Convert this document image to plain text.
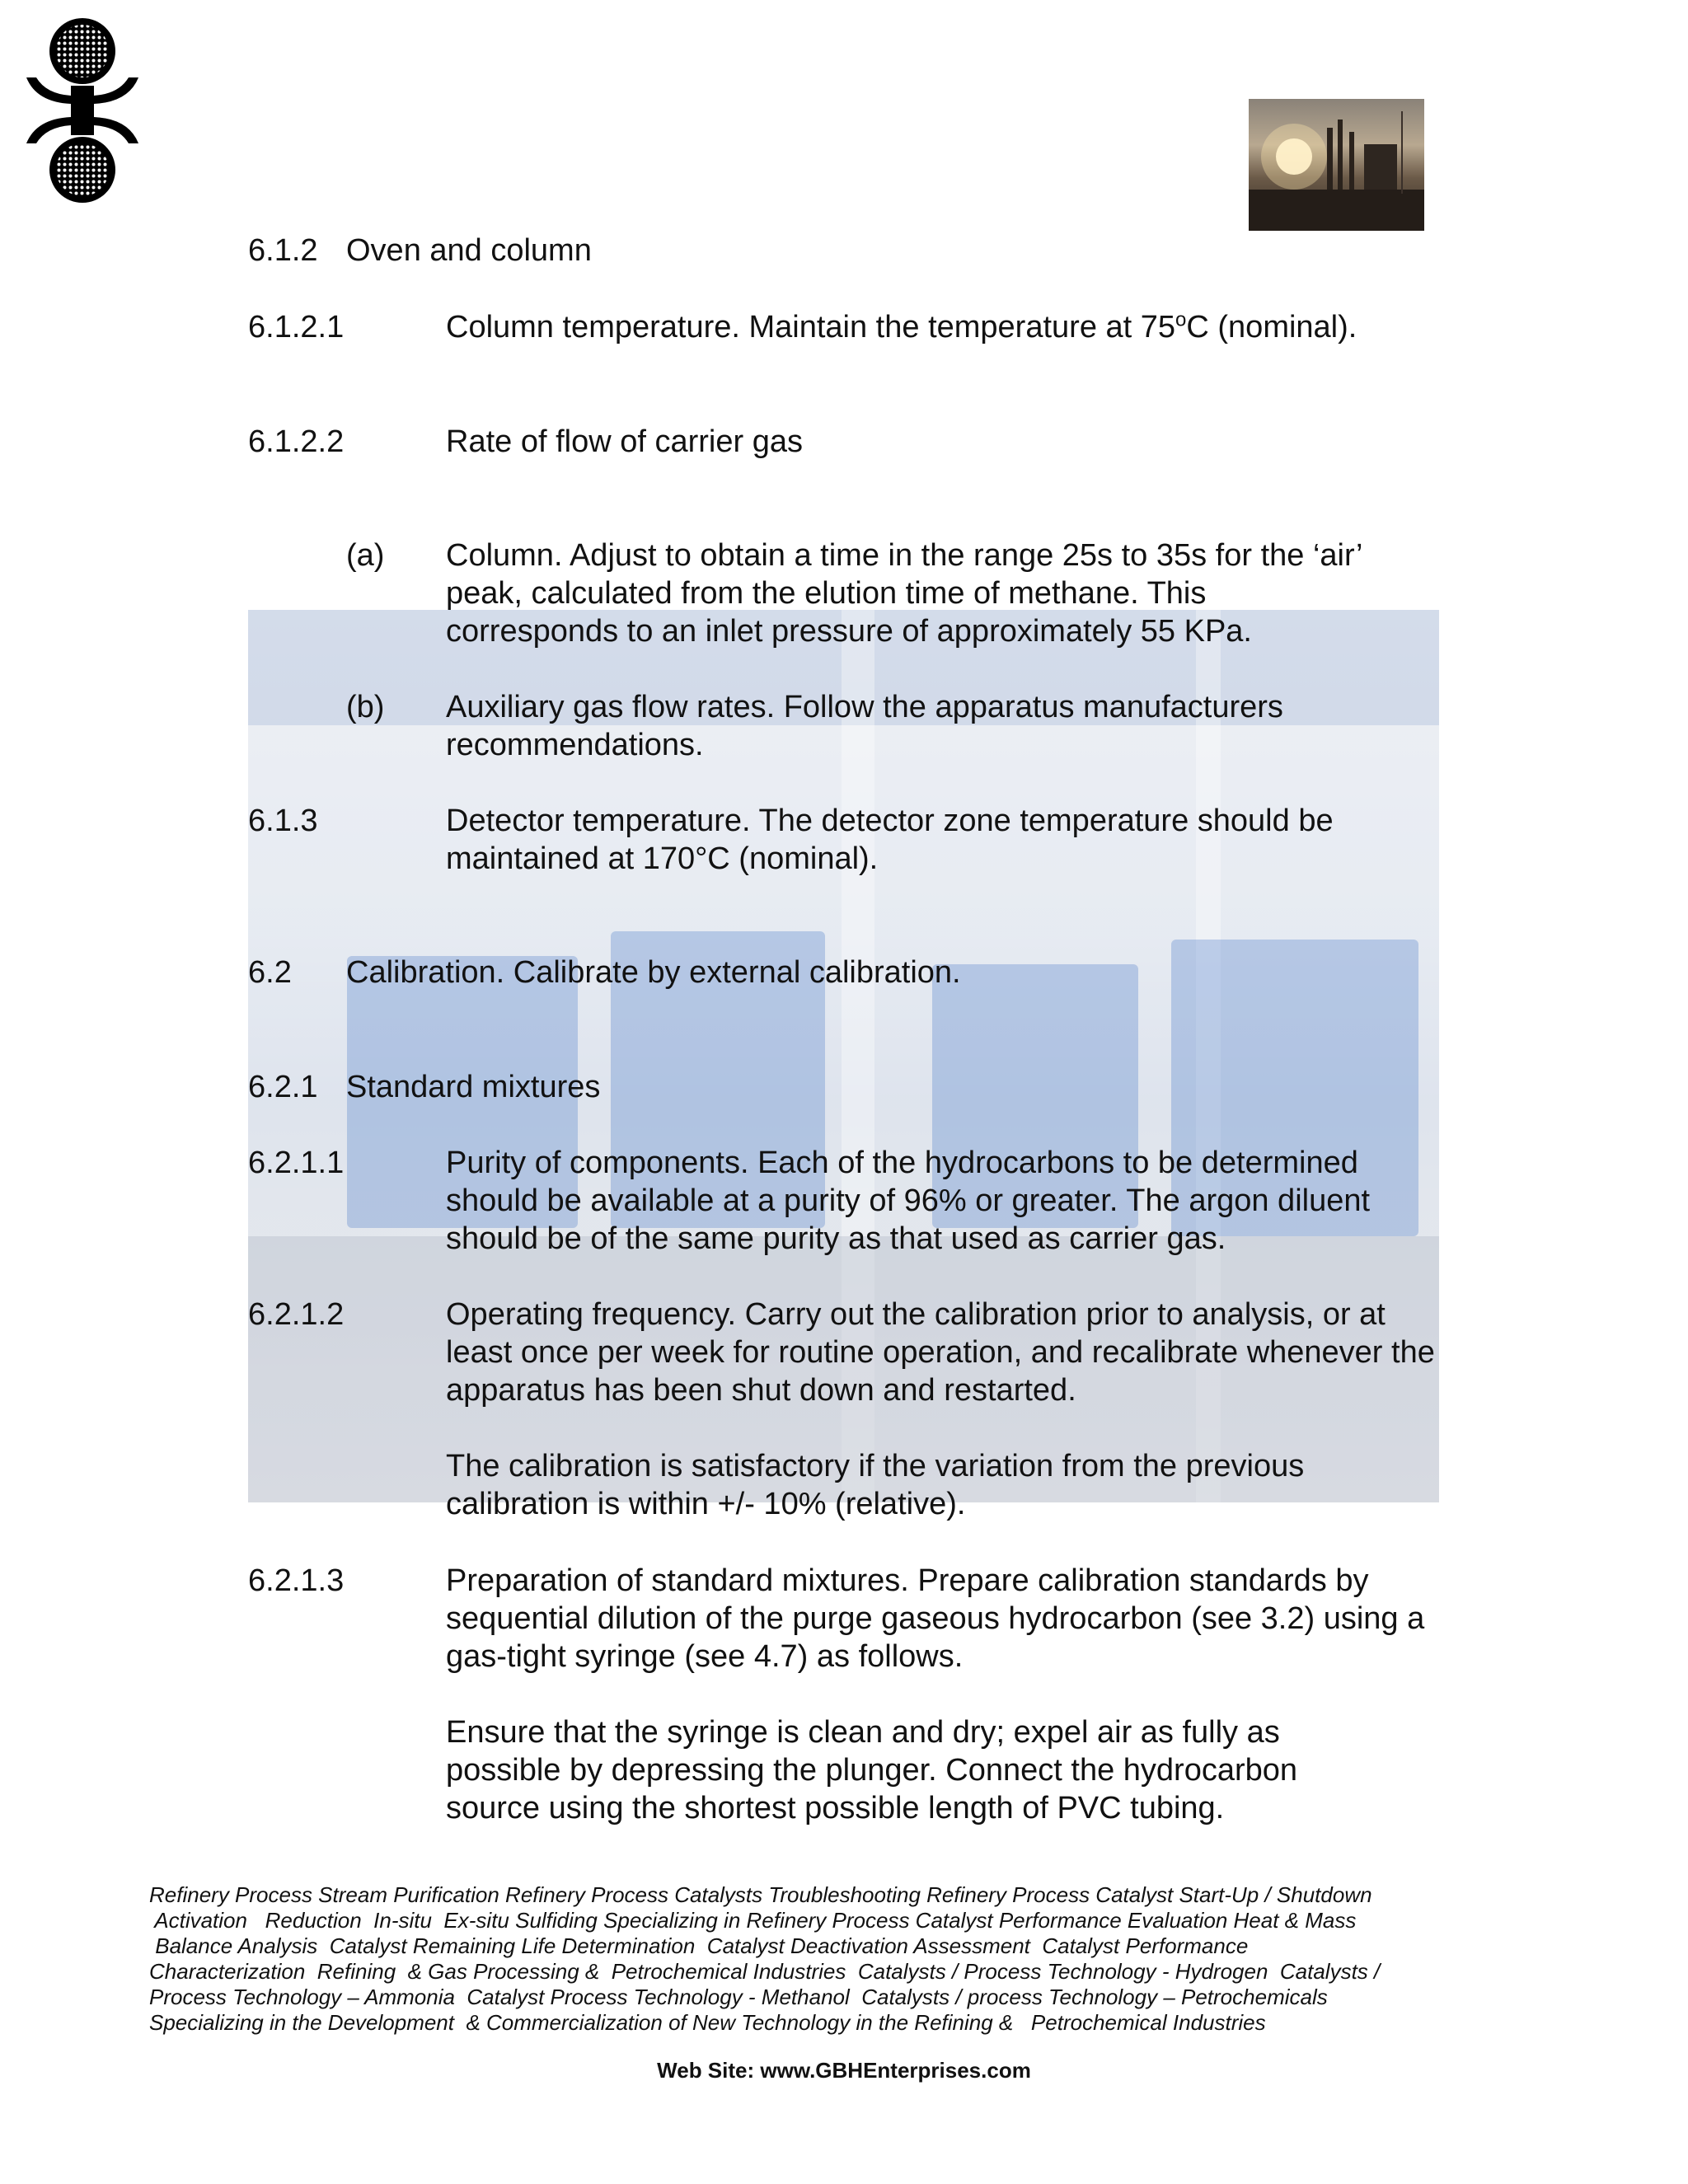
6.1.2 Oven and column
6.1.2.1	Column temperature. Maintain the temperature at 75$^o$C (nominal).
6.1.2.2	Rate of flow of carrier gas
(a) Column. Adjust to obtain a time in the range 25s to 35s for the ‘air’ peak, calculated from the elution time of methane. This corresponds to an inlet pressure of approximately 55 KPa.
(b) Auxiliary gas flow rates. Follow the apparatus manufacturers recommendations.
6.1.3	Detector temperature. The detector zone temperature should be maintained at 170°C (nominal).
6.2 Calibration. Calibrate by external calibration.
6.2.1 Standard mixtures
6.2.1.1	Purity of components. Each of the hydrocarbons to be determined should be available at a purity of 96% or greater. The argon diluent should be of the same purity as that used as carrier gas.
6.2.1.2	Operating frequency. Carry out the calibration prior to analysis, or at least once per week for routine operation, and recalibrate whenever the apparatus has been shut down and restarted.
The calibration is satisfactory if the variation from the previous calibration is within +/- 10% (relative).
6.2.1.3	Preparation of standard mixtures. Prepare calibration standards by sequential dilution of the purge gaseous hydrocarbon (see 3.2) using a gas-tight syringe (see 4.7) as follows.
Ensure that the syringe is clean and dry; expel air as fully as possible by depressing the plunger. Connect the hydrocarbon source using the shortest possible length of PVC tubing.
Refinery Process Stream Purification Refinery Process Catalysts Troubleshooting Refinery Process Catalyst Start-Up / Shutdown
Activation   Reduction  In-situ  Ex-situ Sulfiding Specializing in Refinery Process Catalyst Performance Evaluation Heat & Mass
Balance Analysis  Catalyst Remaining Life Determination  Catalyst Deactivation Assessment  Catalyst Performance
Characterization  Refining  & Gas Processing &  Petrochemical Industries  Catalysts / Process Technology - Hydrogen  Catalysts /
Process Technology – Ammonia  Catalyst Process Technology - Methanol  Catalysts / process Technology – Petrochemicals
Specializing in the Development  & Commercialization of New Technology in the Refining &   Petrochemical Industries
Web Site: www.GBHEnterprises.com
